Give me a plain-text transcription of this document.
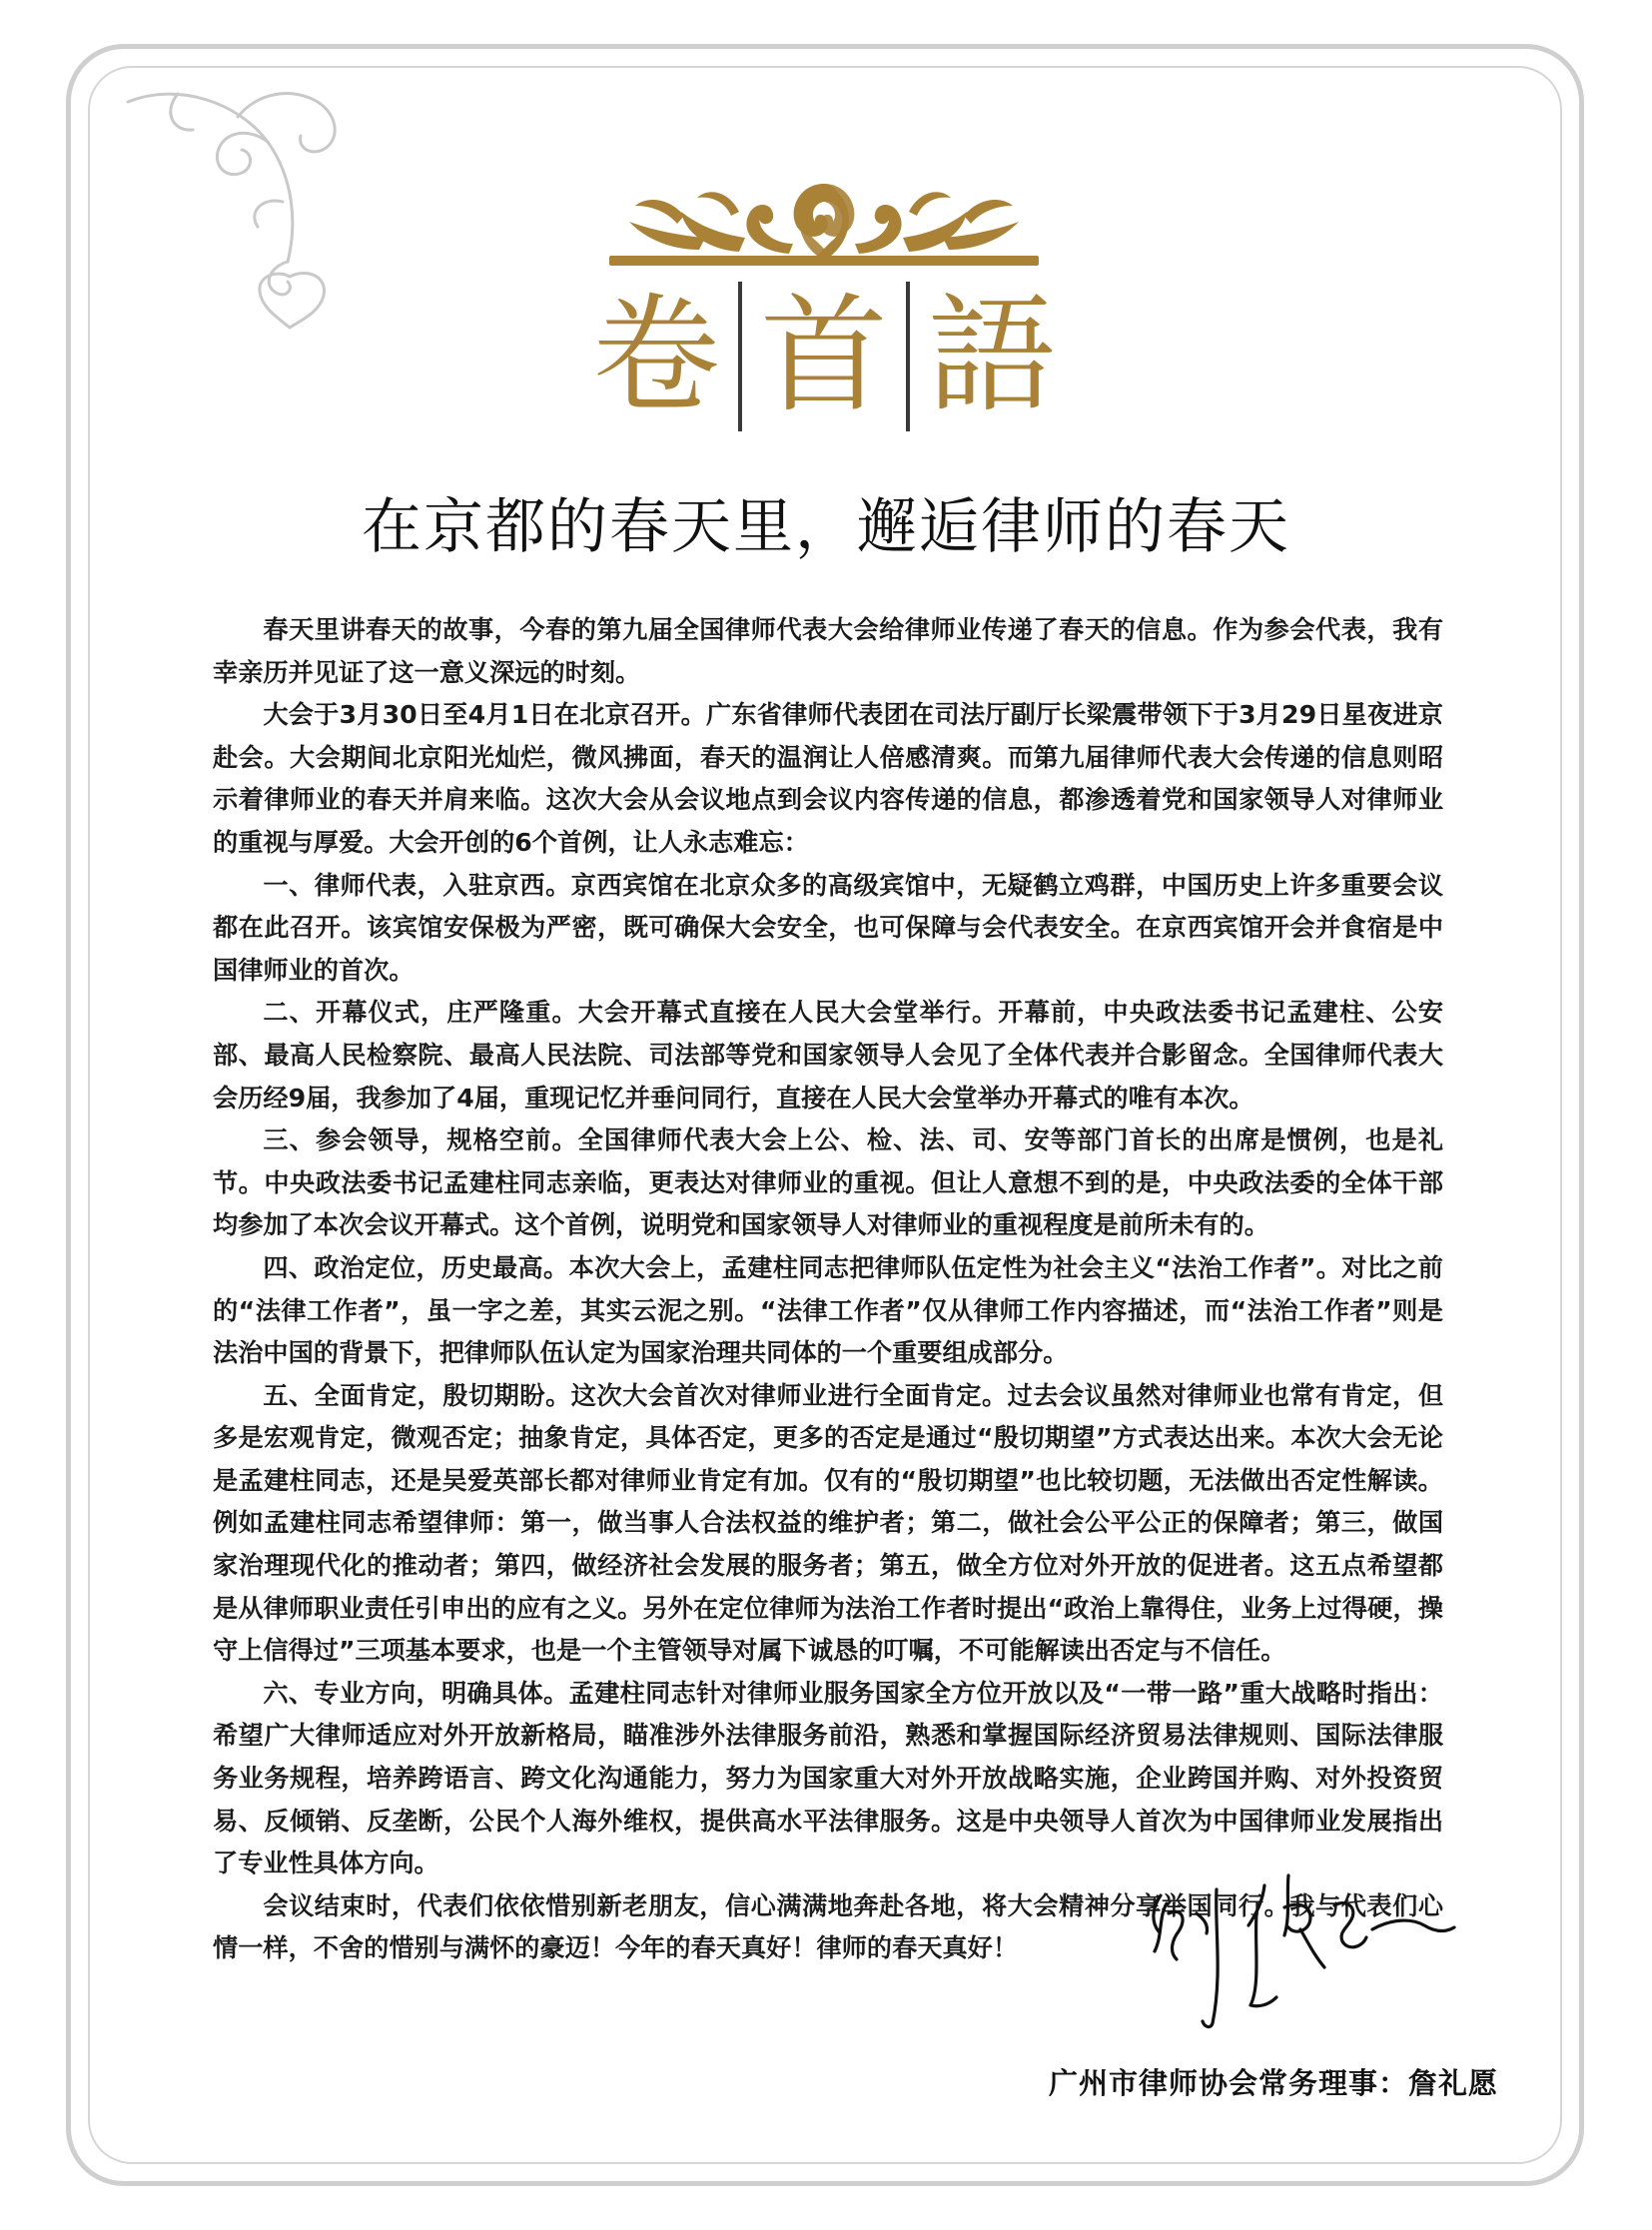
卷 首 語
在京都的春天里，邂逅律师的春天

春天里讲春天的故事，今春的第九届全国律师代表大会给律师业传递了春天的信息。作为参会代表，我有幸亲历并见证了这一意义深远的时刻。

大会于3月30日至4月1日在北京召开。广东省律师代表团在司法厅副厅长梁震带领下于3月29日星夜进京赴会。大会期间北京阳光灿烂，微风拂面，春天的温润让人倍感清爽。而第九届律师代表大会传递的信息则昭示着律师业的春天并肩来临。这次大会从会议地点到会议内容传递的信息，都渗透着党和国家领导人对律师业的重视与厚爱。大会开创的6个首例，让人永志难忘：

一、律师代表，入驻京西。京西宾馆在北京众多的高级宾馆中，无疑鹤立鸡群，中国历史上许多重要会议都在此召开。该宾馆安保极为严密，既可确保大会安全，也可保障与会代表安全。在京西宾馆开会并食宿是中国律师业的首次。

二、开幕仪式，庄严隆重。大会开幕式直接在人民大会堂举行。开幕前，中央政法委书记孟建柱、公安部、最高人民检察院、最高人民法院、司法部等党和国家领导人会见了全体代表并合影留念。全国律师代表大会历经9届，我参加了4届，重现记忆并垂问同行，直接在人民大会堂举办开幕式的唯有本次。

三、参会领导，规格空前。全国律师代表大会上公、检、法、司、安等部门首长的出席是惯例，也是礼节。中央政法委书记孟建柱同志亲临，更表达对律师业的重视。但让人意想不到的是，中央政法委的全体干部均参加了本次会议开幕式。这个首例，说明党和国家领导人对律师业的重视程度是前所未有的。

四、政治定位，历史最高。本次大会上，孟建柱同志把律师队伍定性为社会主义“法治工作者”。对比之前的“法律工作者”，虽一字之差，其实云泥之别。“法律工作者”仅从律师工作内容描述，而“法治工作者”则是法治中国的背景下，把律师队伍认定为国家治理共同体的一个重要组成部分。

五、全面肯定，殷切期盼。这次大会首次对律师业进行全面肯定。过去会议虽然对律师业也常有肯定，但多是宏观肯定，微观否定；抽象肯定，具体否定，更多的否定是通过“殷切期望”方式表达出来。本次大会无论是孟建柱同志，还是吴爱英部长都对律师业肯定有加。仅有的“殷切期望”也比较切题，无法做出否定性解读。例如孟建柱同志希望律师：第一，做当事人合法权益的维护者；第二，做社会公平公正的保障者；第三，做国家治理现代化的推动者；第四，做经济社会发展的服务者；第五，做全方位对外开放的促进者。这五点希望都是从律师职业责任引申出的应有之义。另外在定位律师为法治工作者时提出“政治上靠得住，业务上过得硬，操守上信得过”三项基本要求，也是一个主管领导对属下诚恳的叮嘱，不可能解读出否定与不信任。

六、专业方向，明确具体。孟建柱同志针对律师业服务国家全方位开放以及“一带一路”重大战略时指出：希望广大律师适应对外开放新格局，瞄准涉外法律服务前沿，熟悉和掌握国际经济贸易法律规则、国际法律服务业务规程，培养跨语言、跨文化沟通能力，努力为国家重大对外开放战略实施，企业跨国并购、对外投资贸易、反倾销、反垄断，公民个人海外维权，提供高水平法律服务。这是中央领导人首次为中国律师业发展指出了专业性具体方向。

会议结束时，代表们依依惜别新老朋友，信心满满地奔赴各地，将大会精神分享举国同行。我与代表们心情一样，不舍的惜别与满怀的豪迈！今年的春天真好！律师的春天真好！

广州市律师协会常务理事：詹礼愿
